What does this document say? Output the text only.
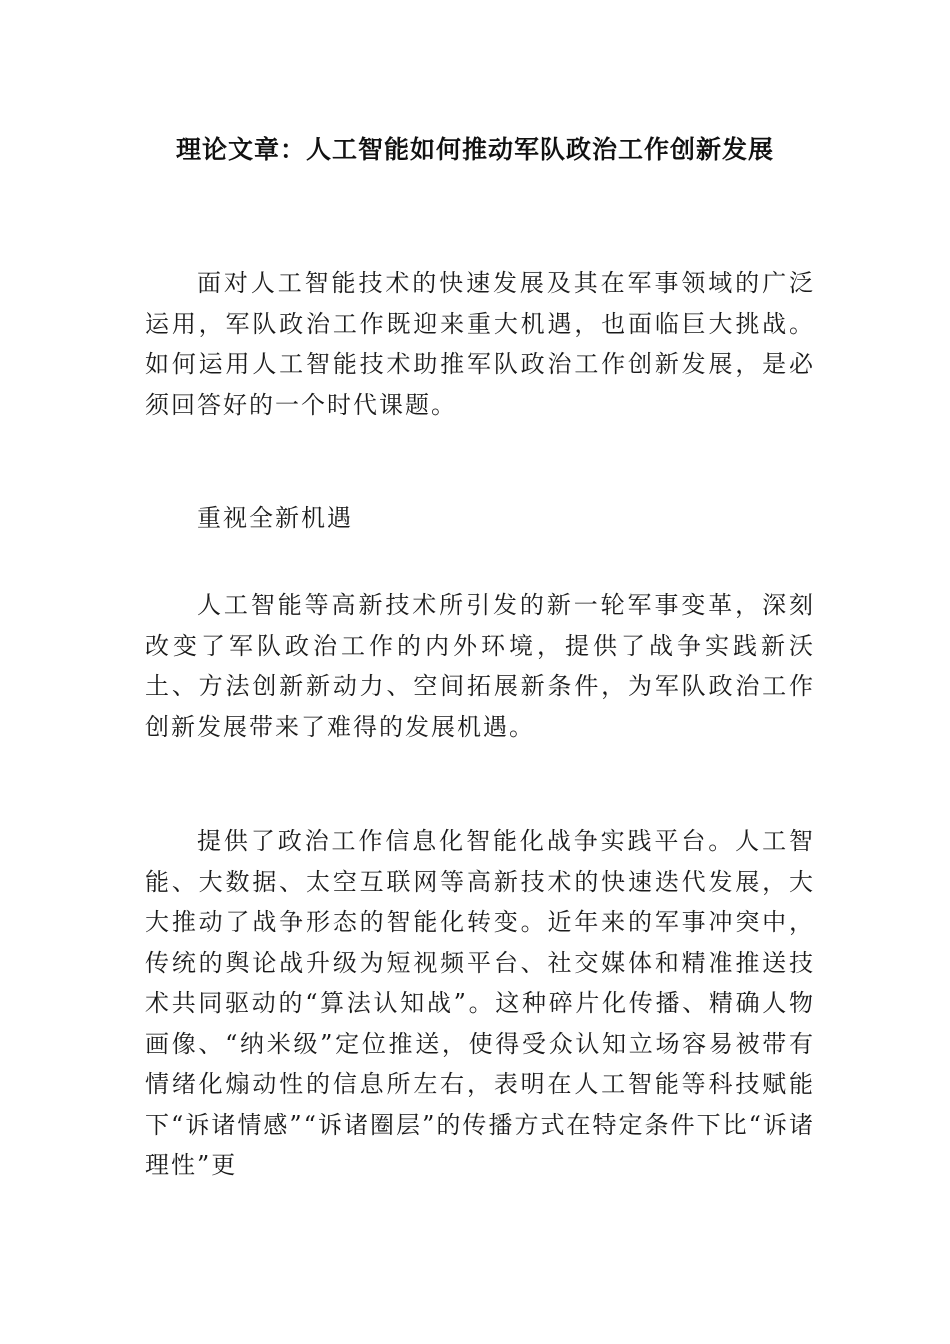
理论文章：人工智能如何推动军队政治工作创新发展

面对人工智能技术的快速发展及其在军事领域的广泛运用，军队政治工作既迎来重大机遇，也面临巨大挑战。如何运用人工智能技术助推军队政治工作创新发展，是必须回答好的一个时代课题。

重视全新机遇

人工智能等高新技术所引发的新一轮军事变革，深刻改变了军队政治工作的内外环境，提供了战争实践新沃土、方法创新新动力、空间拓展新条件，为军队政治工作创新发展带来了难得的发展机遇。

提供了政治工作信息化智能化战争实践平台。人工智能、大数据、太空互联网等高新技术的快速迭代发展，大大推动了战争形态的智能化转变。近年来的军事冲突中，传统的舆论战升级为短视频平台、社交媒体和精准推送技术共同驱动的“算法认知战”。这种碎片化传播、精确人物画像、“纳米级”定位推送，使得受众认知立场容易被带有情绪化煽动性的信息所左右，表明在人工智能等科技赋能下“诉诸情感”“诉诸圈层”的传播方式在特定条件下比“诉诸理性”更
